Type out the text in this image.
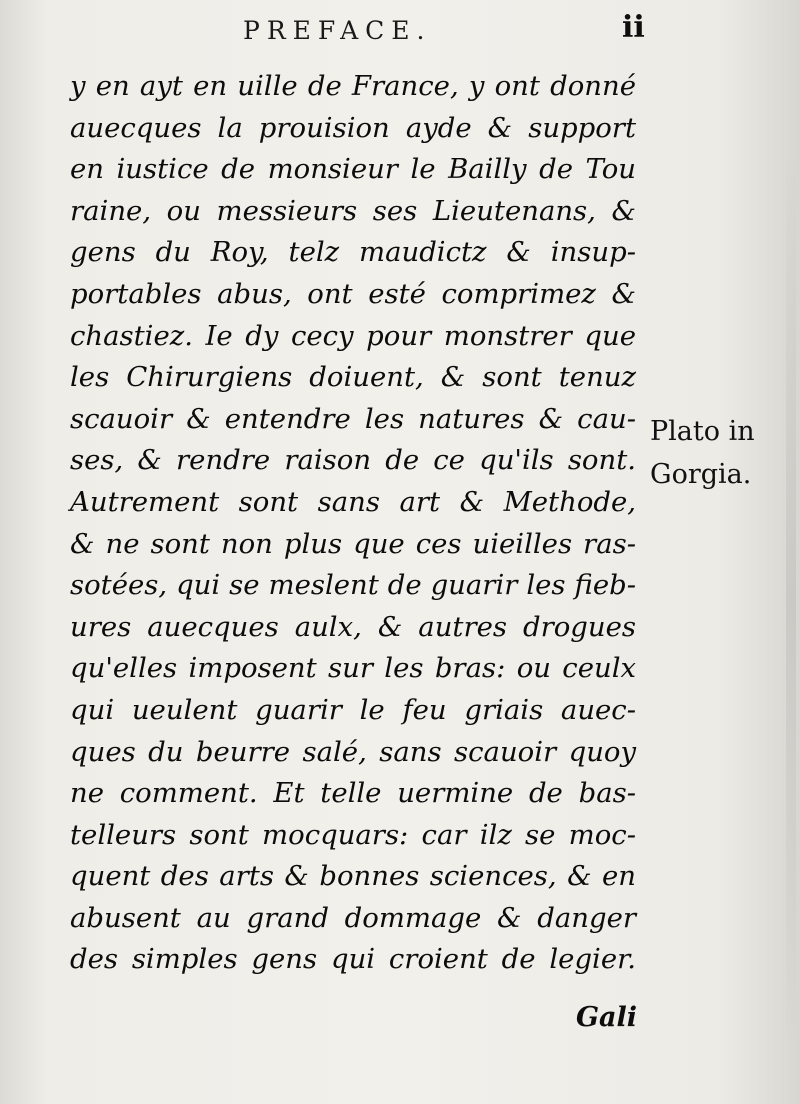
PREFACE.	ii
y en ayt en uille de France, y ont donné
auecques la prouision ayde & support
en iustice de monsieur le Bailly de Tou
raine, ou messieurs ses Lieutenans, &
gens du Roy, telz maudictz & insup-
portables abus, ont esté comprimez &
chastiez. Ie dy cecy pour monstrer que
les Chirurgiens doiuent, & sont tenuz
scauoir & entendre les natures & cau-
ses, & rendre raison de ce qu'ils sont.
Autrement sont sans art & Methode,
& ne sont non plus que ces uieilles ras-
sotées, qui se meslent de guarir les fieb-
ures auecques aulx, & autres drogues
qu'elles imposent sur les bras: ou ceulx
qui ueulent guarir le feu griais auec-
ques du beurre salé, sans scauoir quoy
ne comment. Et telle uermine de bas-
telleurs sont mocquars: car ilz se moc-
quent des arts & bonnes sciences, & en
abusent au grand dommage & danger
des simples gens qui croient de legier.
Plato in
Gorgia.
Gali
